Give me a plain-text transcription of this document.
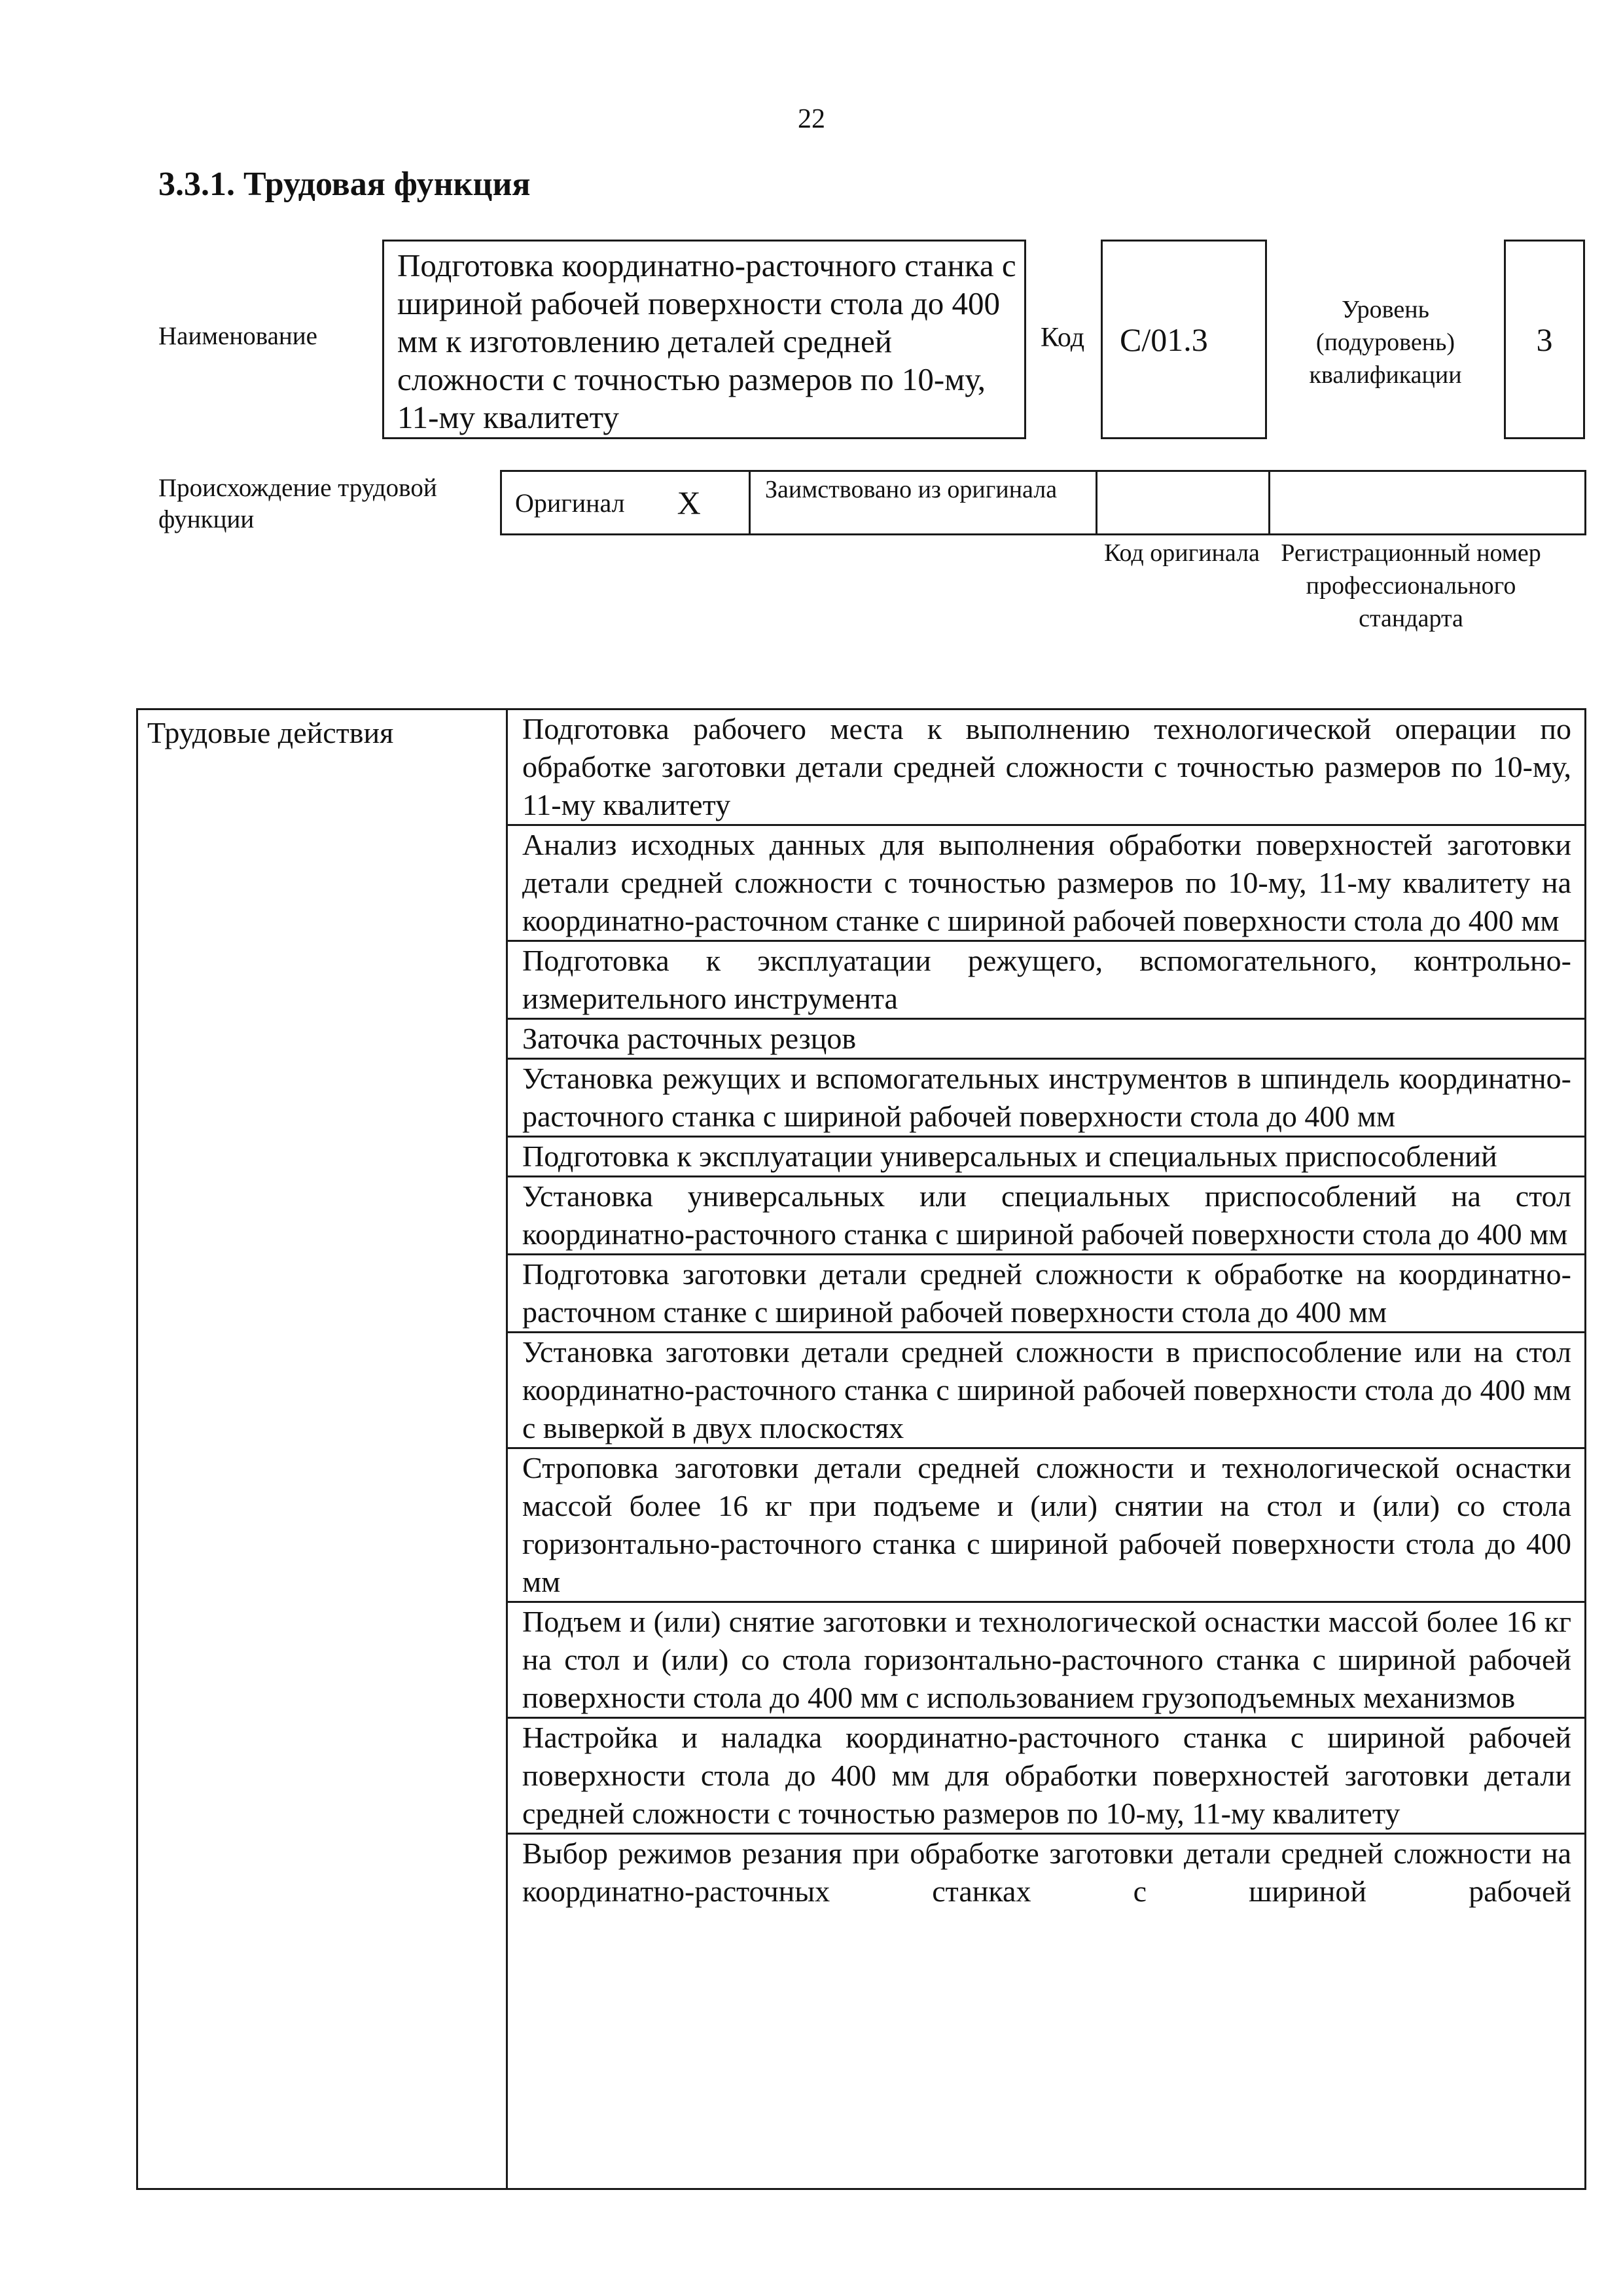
22
3.3.1. Трудовая функция
Наименование
Подготовка координатно-расточного станка с шириной рабочей поверхности стола до 400 мм к изготовлению деталей средней сложности с точностью размеров по 10-му, 11-му квалитету
Код С/01.3
Уровень (подуровень) квалификации
3
Происхождение трудовой функции
Оригинал X	Заимствовано из оригинала
Код оригинала Регистрационный номер профессионального стандарта
Трудовые действия	Подготовка рабочего места к выполнению технологической операции по обработке заготовки детали средней сложности с точностью размеров по 10-му, 11-му квалитету
Анализ исходных данных для выполнения обработки поверхностей заготовки детали средней сложности с точностью размеров по 10-му, 11-му квалитету на координатно-расточном станке с шириной рабочей поверхности стола до 400 мм
Подготовка к эксплуатации режущего, вспомогательного, контрольно-измерительного инструмента
Заточка расточных резцов
Установка режущих и вспомогательных инструментов в шпиндель координатно-расточного станка с шириной рабочей поверхности стола до 400 мм
Подготовка к эксплуатации универсальных и специальных приспособлений
Установка универсальных или специальных приспособлений на стол координатно-расточного станка с шириной рабочей поверхности стола до 400 мм
Подготовка заготовки детали средней сложности к обработке на координатно-расточном станке с шириной рабочей поверхности стола до 400 мм
Установка заготовки детали средней сложности в приспособление или на стол координатно-расточного станка с шириной рабочей поверхности стола до 400 мм с выверкой в двух плоскостях
Строповка заготовки детали средней сложности и технологической оснастки массой более 16 кг при подъеме и (или) снятии на стол и (или) со стола горизонтально-расточного станка с шириной рабочей поверхности стола до 400 мм
Подъем и (или) снятие заготовки и технологической оснастки массой более 16 кг на стол и (или) со стола горизонтально-расточного станка с шириной рабочей поверхности стола до 400 мм с использованием грузоподъемных механизмов
Настройка и наладка координатно-расточного станка с шириной рабочей поверхности стола до 400 мм для обработки поверхностей заготовки детали средней сложности с точностью размеров по 10-му, 11-му квалитету
Выбор режимов резания при обработке заготовки детали средней сложности на координатно-расточных станках с шириной рабочей
